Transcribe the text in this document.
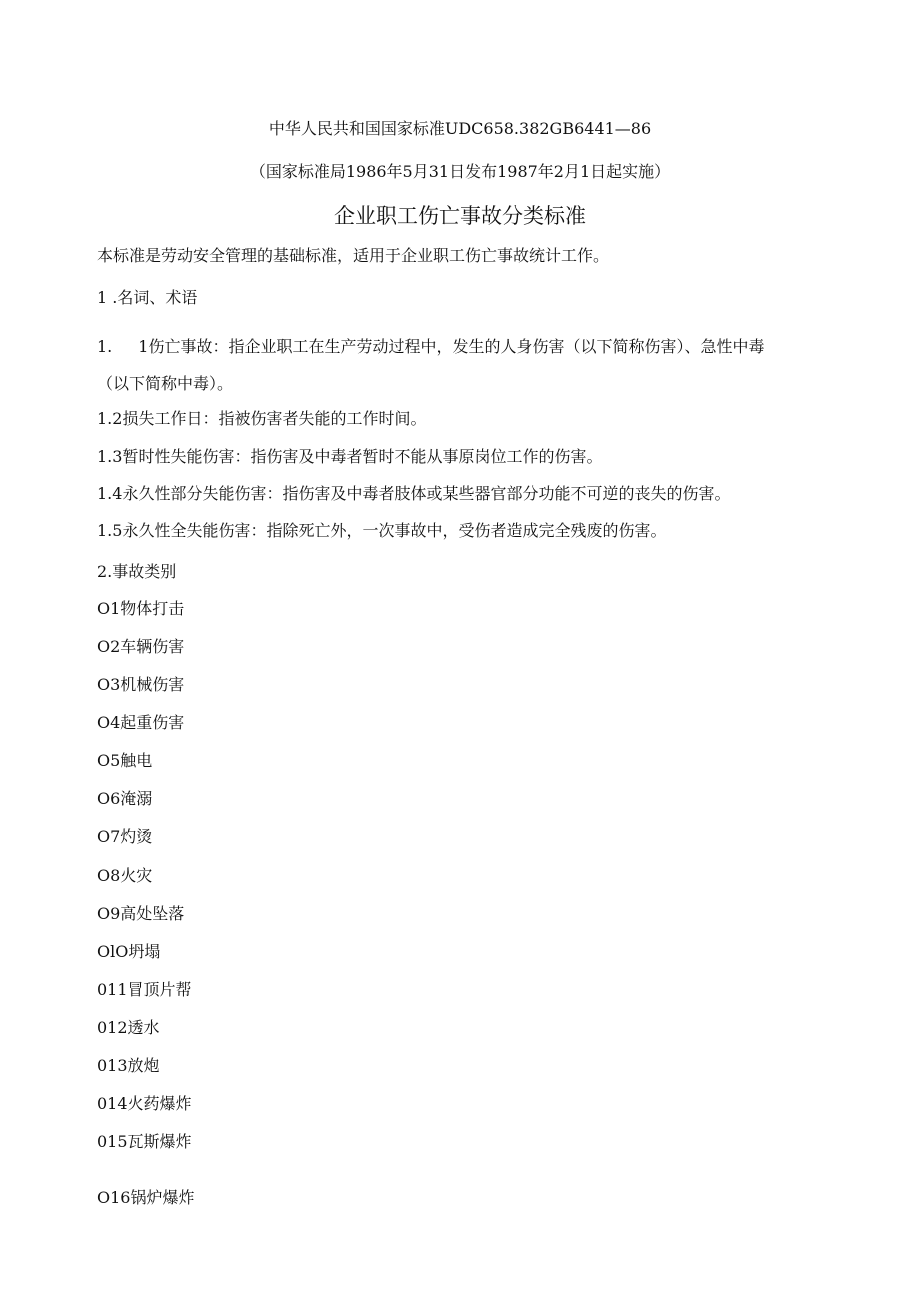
中华人民共和国国家标准UDC658.382GB6441—86

（国家标准局1986年5月31日发布1987年2月1日起实施）

企业职工伤亡事故分类标准

本标准是劳动安全管理的基础标准，适用于企业职工伤亡事故统计工作。

1 .名词、术语

1. 1伤亡事故：指企业职工在生产劳动过程中，发生的人身伤害（以下简称伤害）、急性中毒

（以下简称中毒）。

1.2损失工作日：指被伤害者失能的工作时间。

1.3暂时性失能伤害：指伤害及中毒者暂时不能从事原岗位工作的伤害。

1.4永久性部分失能伤害：指伤害及中毒者肢体或某些器官部分功能不可逆的丧失的伤害。

1.5永久性全失能伤害：指除死亡外，一次事故中，受伤者造成完全残废的伤害。

2.事故类别

O1物体打击

O2车辆伤害

O3机械伤害

O4起重伤害

O5触电

O6淹溺

O7灼烫

O8火灾

O9高处坠落

OlO坍塌

011冒顶片帮

012透水

013放炮

014火药爆炸

015瓦斯爆炸

O16锅炉爆炸
